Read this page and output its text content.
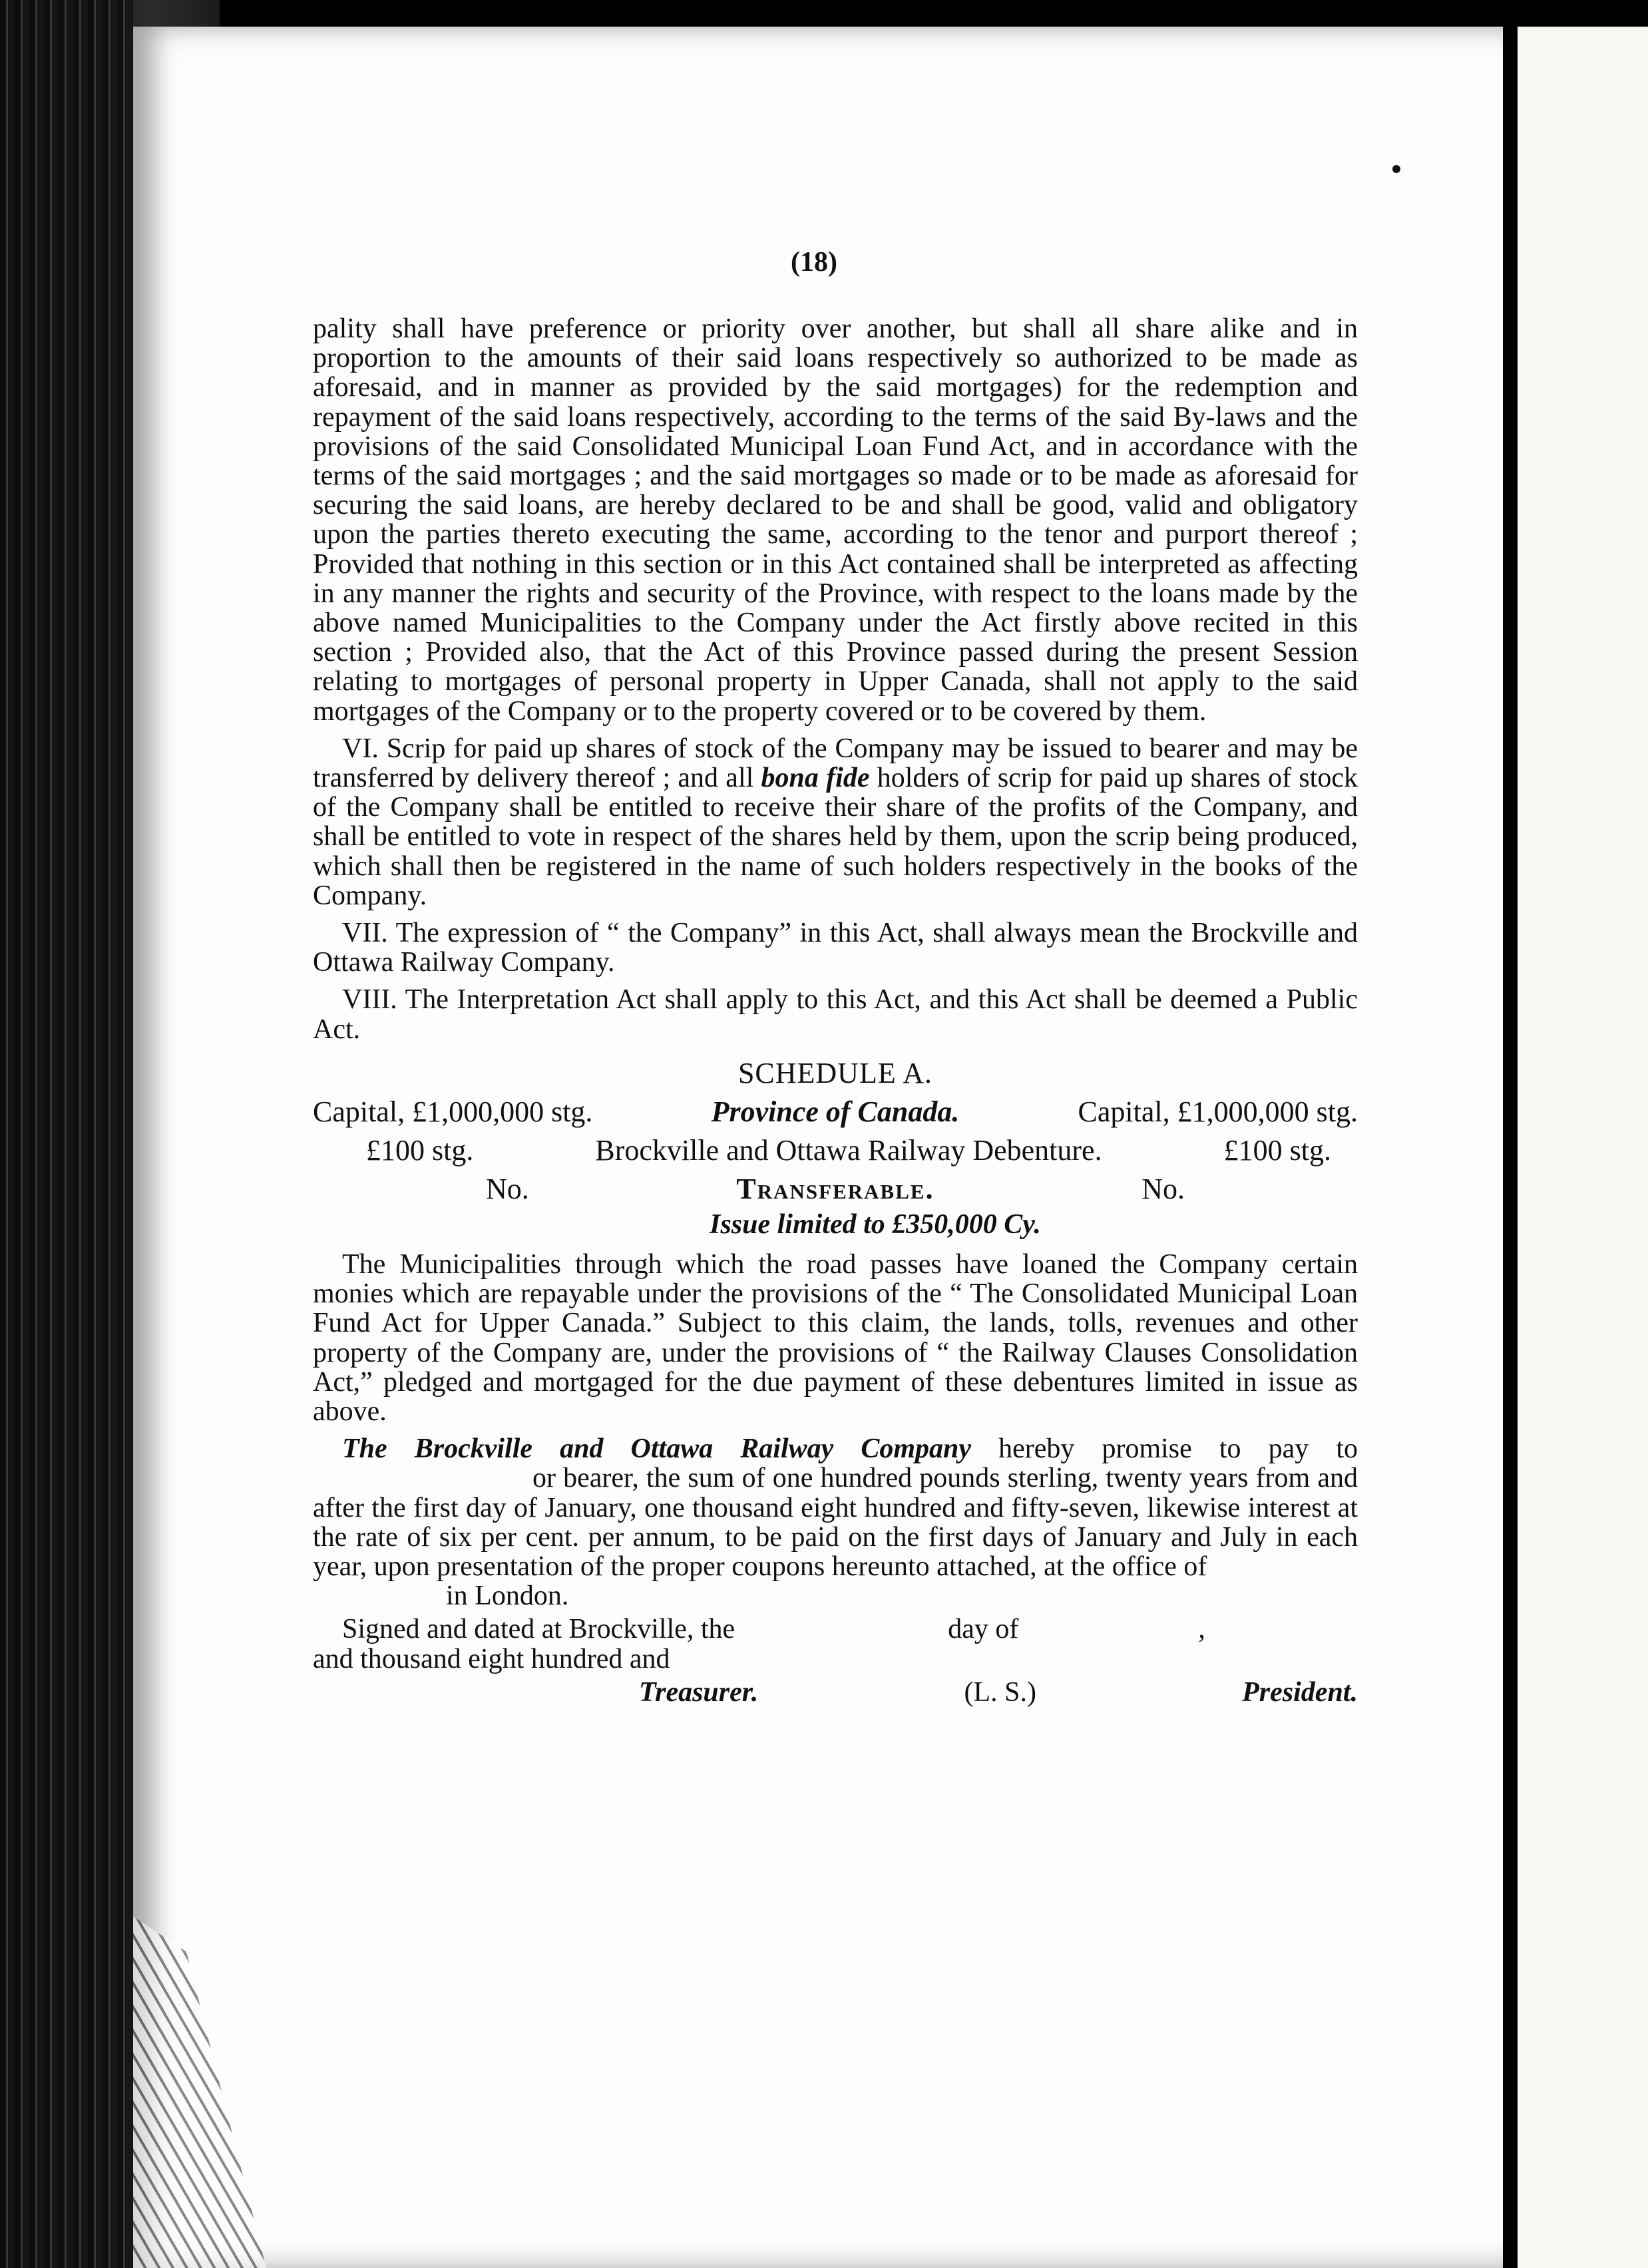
(18)

pality shall have preference or priority over another, but shall all share alike and in proportion to the amounts of their said loans respectively so authorized to be made as aforesaid, and in manner as provided by the said mortgages) for the redemption and repayment of the said loans respectively, according to the terms of the said By-laws and the provisions of the said Consolidated Municipal Loan Fund Act, and in accordance with the terms of the said mortgages ; and the said mortgages so made or to be made as aforesaid for securing the said loans, are hereby declared to be and shall be good, valid and obligatory upon the parties thereto executing the same, according to the tenor and purport thereof ; Provided that nothing in this section or in this Act contained shall be interpreted as affecting in any manner the rights and security of the Province, with respect to the loans made by the above named Municipalities to the Company under the Act firstly above recited in this section ; Provided also, that the Act of this Province passed during the present Session relating to mortgages of personal property in Upper Canada, shall not apply to the said mortgages of the Company or to the property covered or to be covered by them.

VI. Scrip for paid up shares of stock of the Company may be issued to bearer and may be transferred by delivery thereof ; and all bona fide holders of scrip for paid up shares of stock of the Company shall be entitled to receive their share of the profits of the Company, and shall be entitled to vote in respect of the shares held by them, upon the scrip being produced, which shall then be registered in the name of such holders respectively in the books of the Company.

VII. The expression of “ the Company” in this Act, shall always mean the Brockville and Ottawa Railway Company.

VIII. The Interpretation Act shall apply to this Act, and this Act shall be deemed a Public Act.

SCHEDULE A.

Capital, £1,000,000 stg.	Province of Canada.	Capital, £1,000,000 stg.
£100 stg.	Brockville and Ottawa Railway Debenture.	£100 stg.
No.	Transferable.	No.

Issue limited to £350,000 Cy.

The Municipalities through which the road passes have loaned the Company certain monies which are repayable under the provisions of the “ The Consolidated Municipal Loan Fund Act for Upper Canada.” Subject to this claim, the lands, tolls, revenues and other property of the Company are, under the provisions of “ the Railway Clauses Consolidation Act,” pledged and mortgaged for the due payment of these debentures limited in issue as above.

The Brockville and Ottawa Railway Company hereby promise to pay toor bearer, the sum of one hundred pounds sterling, twenty years from and after the first day of January, one thousand eight hundred and fifty-seven, likewise interest at the rate of six per cent. per annum, to be paid on the first days of January and July in each year, upon presentation of the proper coupons hereunto attached, at the office of

in London.

Signed and dated at Brockville, the	day of	,

and thousand eight hundred and

Treasurer.	(L. S.)	President.
